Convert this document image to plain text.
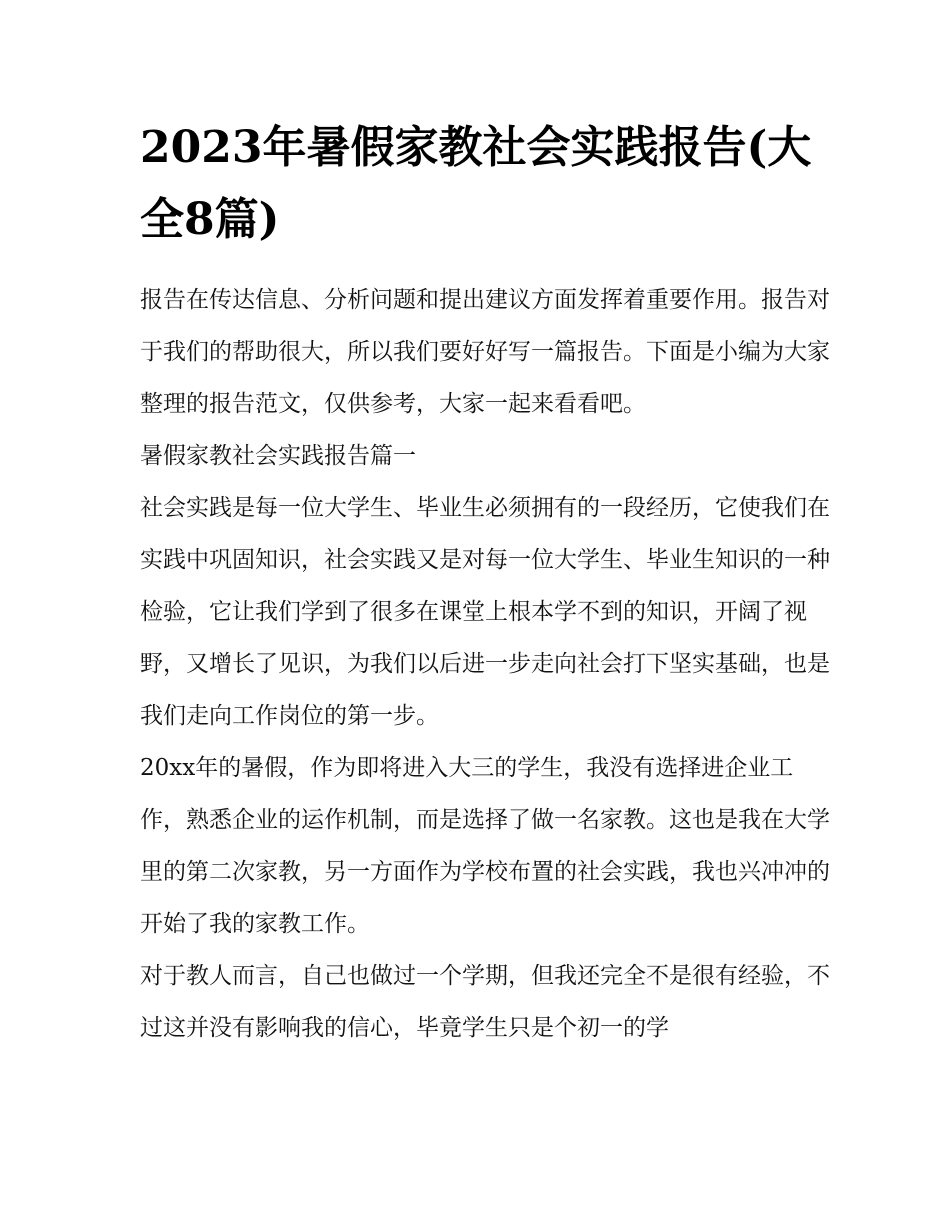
2023年暑假家教社会实践报告(大全8篇)

报告在传达信息、分析问题和提出建议方面发挥着重要作用。报告对于我们的帮助很大，所以我们要好好写一篇报告。下面是小编为大家整理的报告范文，仅供参考，大家一起来看看吧。

暑假家教社会实践报告篇一

社会实践是每一位大学生、毕业生必须拥有的一段经历，它使我们在实践中巩固知识，社会实践又是对每一位大学生、毕业生知识的一种检验，它让我们学到了很多在课堂上根本学不到的知识，开阔了视野，又增长了见识，为我们以后进一步走向社会打下坚实基础，也是我们走向工作岗位的第一步。

20xx年的暑假，作为即将进入大三的学生，我没有选择进企业工作，熟悉企业的运作机制，而是选择了做一名家教。这也是我在大学里的第二次家教，另一方面作为学校布置的社会实践，我也兴冲冲的开始了我的家教工作。

对于教人而言，自己也做过一个学期，但我还完全不是很有经验，不过这并没有影响我的信心，毕竟学生只是个初一的学
